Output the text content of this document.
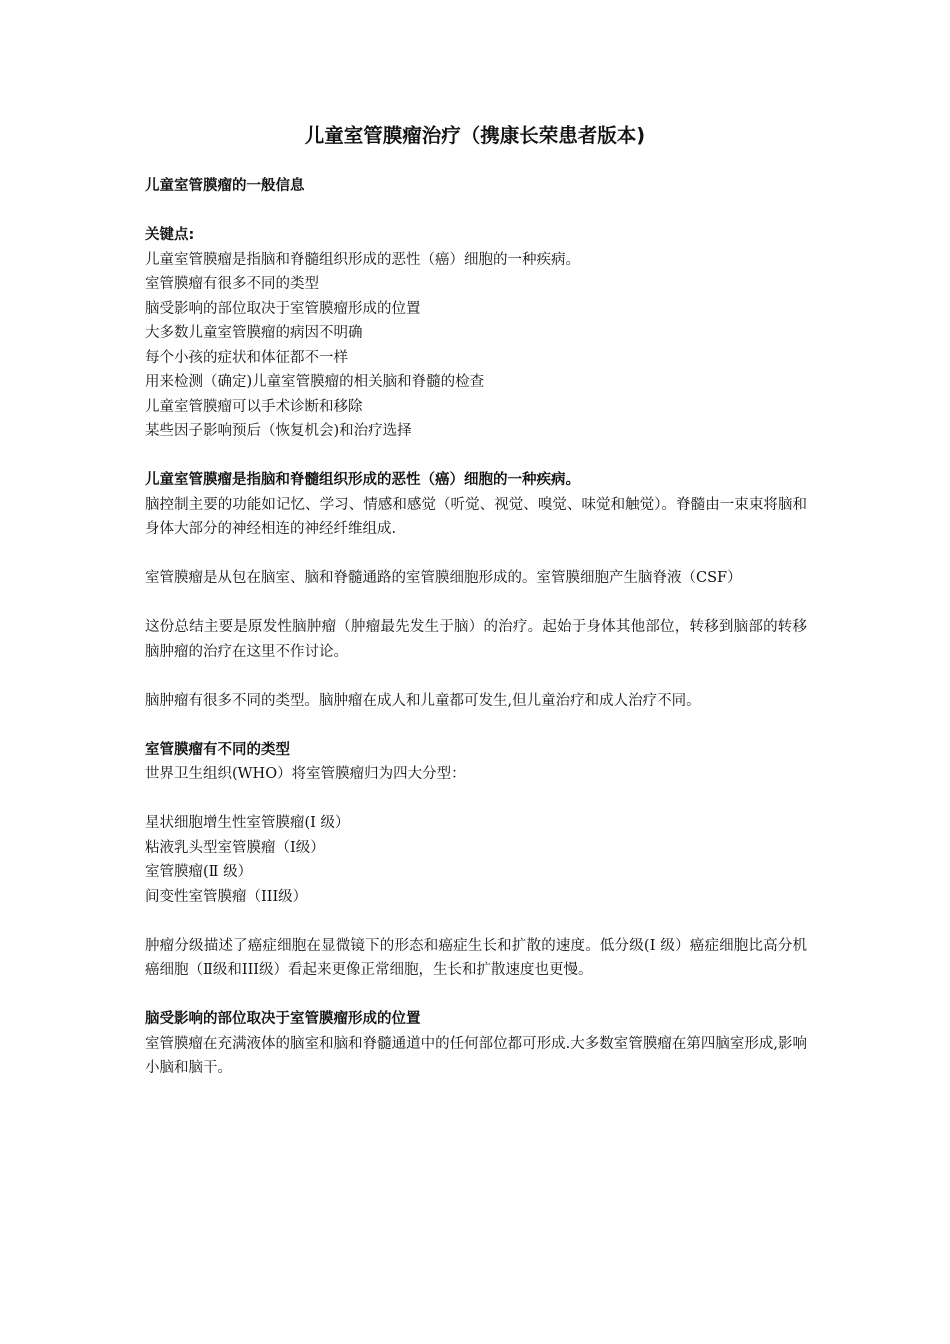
儿童室管膜瘤治疗（携康长荣患者版本)

儿童室管膜瘤的一般信息

关键点:

儿童室管膜瘤是指脑和脊髓组织形成的恶性（癌）细胞的一种疾病。

室管膜瘤有很多不同的类型

脑受影响的部位取决于室管膜瘤形成的位置

大多数儿童室管膜瘤的病因不明确

每个小孩的症状和体征都不一样

用来检测（确定)儿童室管膜瘤的相关脑和脊髓的检查

儿童室管膜瘤可以手术诊断和移除

某些因子影响预后（恢复机会)和治疗选择

儿童室管膜瘤是指脑和脊髓组织形成的恶性（癌）细胞的一种疾病。

脑控制主要的功能如记忆、学习、情感和感觉（听觉、视觉、嗅觉、味觉和触觉）。脊髓由一束束将脑和身体大部分的神经相连的神经纤维组成.

室管膜瘤是从包在脑室、脑和脊髓通路的室管膜细胞形成的。室管膜细胞产生脑脊液（CSF）

这份总结主要是原发性脑肿瘤（肿瘤最先发生于脑）的治疗。起始于身体其他部位，转移到脑部的转移脑肿瘤的治疗在这里不作讨论。

脑肿瘤有很多不同的类型。脑肿瘤在成人和儿童都可发生,但儿童治疗和成人治疗不同。

室管膜瘤有不同的类型

世界卫生组织(WHO）将室管膜瘤归为四大分型：

星状细胞增生性室管膜瘤(Ⅰ 级）

粘液乳头型室管膜瘤（Ⅰ级）

室管膜瘤(Ⅱ 级）

间变性室管膜瘤（III级）

肿瘤分级描述了癌症细胞在显微镜下的形态和癌症生长和扩散的速度。低分级(Ⅰ 级）癌症细胞比高分机癌细胞（Ⅱ级和III级）看起来更像正常细胞，生长和扩散速度也更慢。

脑受影响的部位取决于室管膜瘤形成的位置

室管膜瘤在充满液体的脑室和脑和脊髓通道中的任何部位都可形成.大多数室管膜瘤在第四脑室形成,影响小脑和脑干。
